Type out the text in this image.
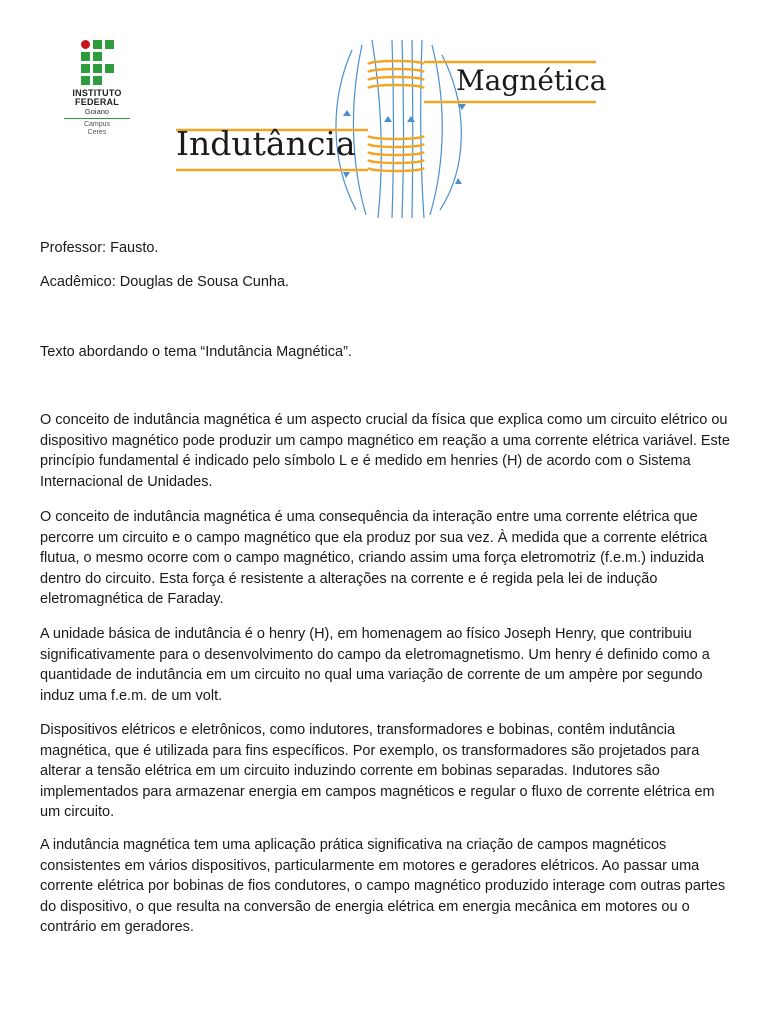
INSTITUTO
FEDERAL
Goiano
Campus
Ceres	Indutância
Magnética

Professor: Fausto.

Acadêmico: Douglas de Sousa Cunha.

Texto abordando o tema “Indutância Magnética”.

O conceito de indutância magnética é um aspecto crucial da física que explica como um circuito elétrico ou dispositivo magnético pode produzir um campo magnético em reação a uma corrente elétrica variável. Este princípio fundamental é indicado pelo símbolo L e é medido em henries (H) de acordo com o Sistema Internacional de Unidades.

O conceito de indutância magnética é uma consequência da interação entre uma corrente elétrica que percorre um circuito e o campo magnético que ela produz por sua vez. À medida que a corrente elétrica flutua, o mesmo ocorre com o campo magnético, criando assim uma força eletromotriz (f.e.m.) induzida dentro do circuito. Esta força é resistente a alterações na corrente e é regida pela lei de indução eletromagnética de Faraday.

A unidade básica de indutância é o henry (H), em homenagem ao físico Joseph Henry, que contribuiu significativamente para o desenvolvimento do campo da eletromagnetismo. Um henry é definido como a quantidade de indutância em um circuito no qual uma variação de corrente de um ampère por segundo induz uma f.e.m. de um volt.

Dispositivos elétricos e eletrônicos, como indutores, transformadores e bobinas, contêm indutância magnética, que é utilizada para fins específicos. Por exemplo, os transformadores são projetados para alterar a tensão elétrica em um circuito induzindo corrente em bobinas separadas. Indutores são implementados para armazenar energia em campos magnéticos e regular o fluxo de corrente elétrica em um circuito.

A indutância magnética tem uma aplicação prática significativa na criação de campos magnéticos consistentes em vários dispositivos, particularmente em motores e geradores elétricos. Ao passar uma corrente elétrica por bobinas de fios condutores, o campo magnético produzido interage com outras partes do dispositivo, o que resulta na conversão de energia elétrica em energia mecânica em motores ou o contrário em geradores.
